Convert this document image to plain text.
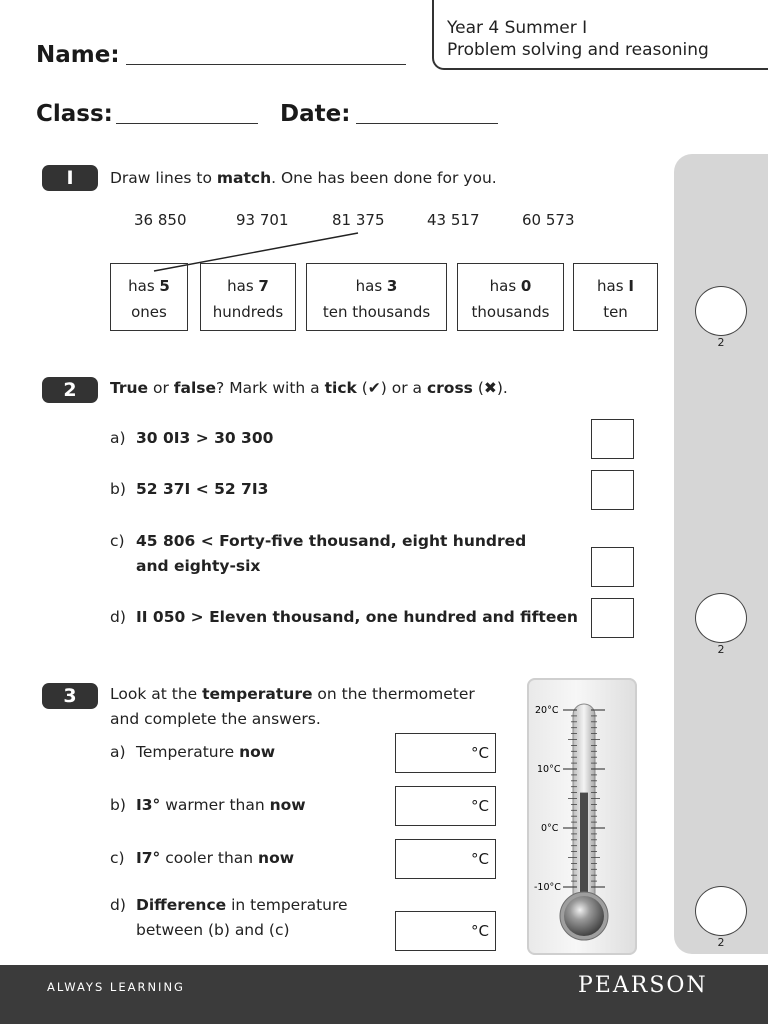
Year 4 Summer I
Problem solving and reasoning
Name:
Class:	Date:
2
2
2
I	Draw lines to match. One has been done for you.
36 850	93 701	81 375	43 517	60 573
has 5
ones
has 7
hundreds
has 3
ten thousands
has 0
thousands
has I
ten
2	True or false? Mark with a tick (✔) or a cross (✖).
a) 30 0I3 > 30 300
b) 52 37I < 52 7I3
c) 45 806 < Forty-five thousand, eight hundred
and eighty-six
d) II 050 > Eleven thousand, one hundred and fifteen
3	Look at the temperature on the thermometer
and complete the answers.
a) Temperature now	°C
b) I3° warmer than now	°C
c) I7° cooler than now	°C
d) Difference in temperature
between (b) and (c)	°C
20°C
10°C
0°C
-10°C
ALWAYS LEARNING	PEARSON
